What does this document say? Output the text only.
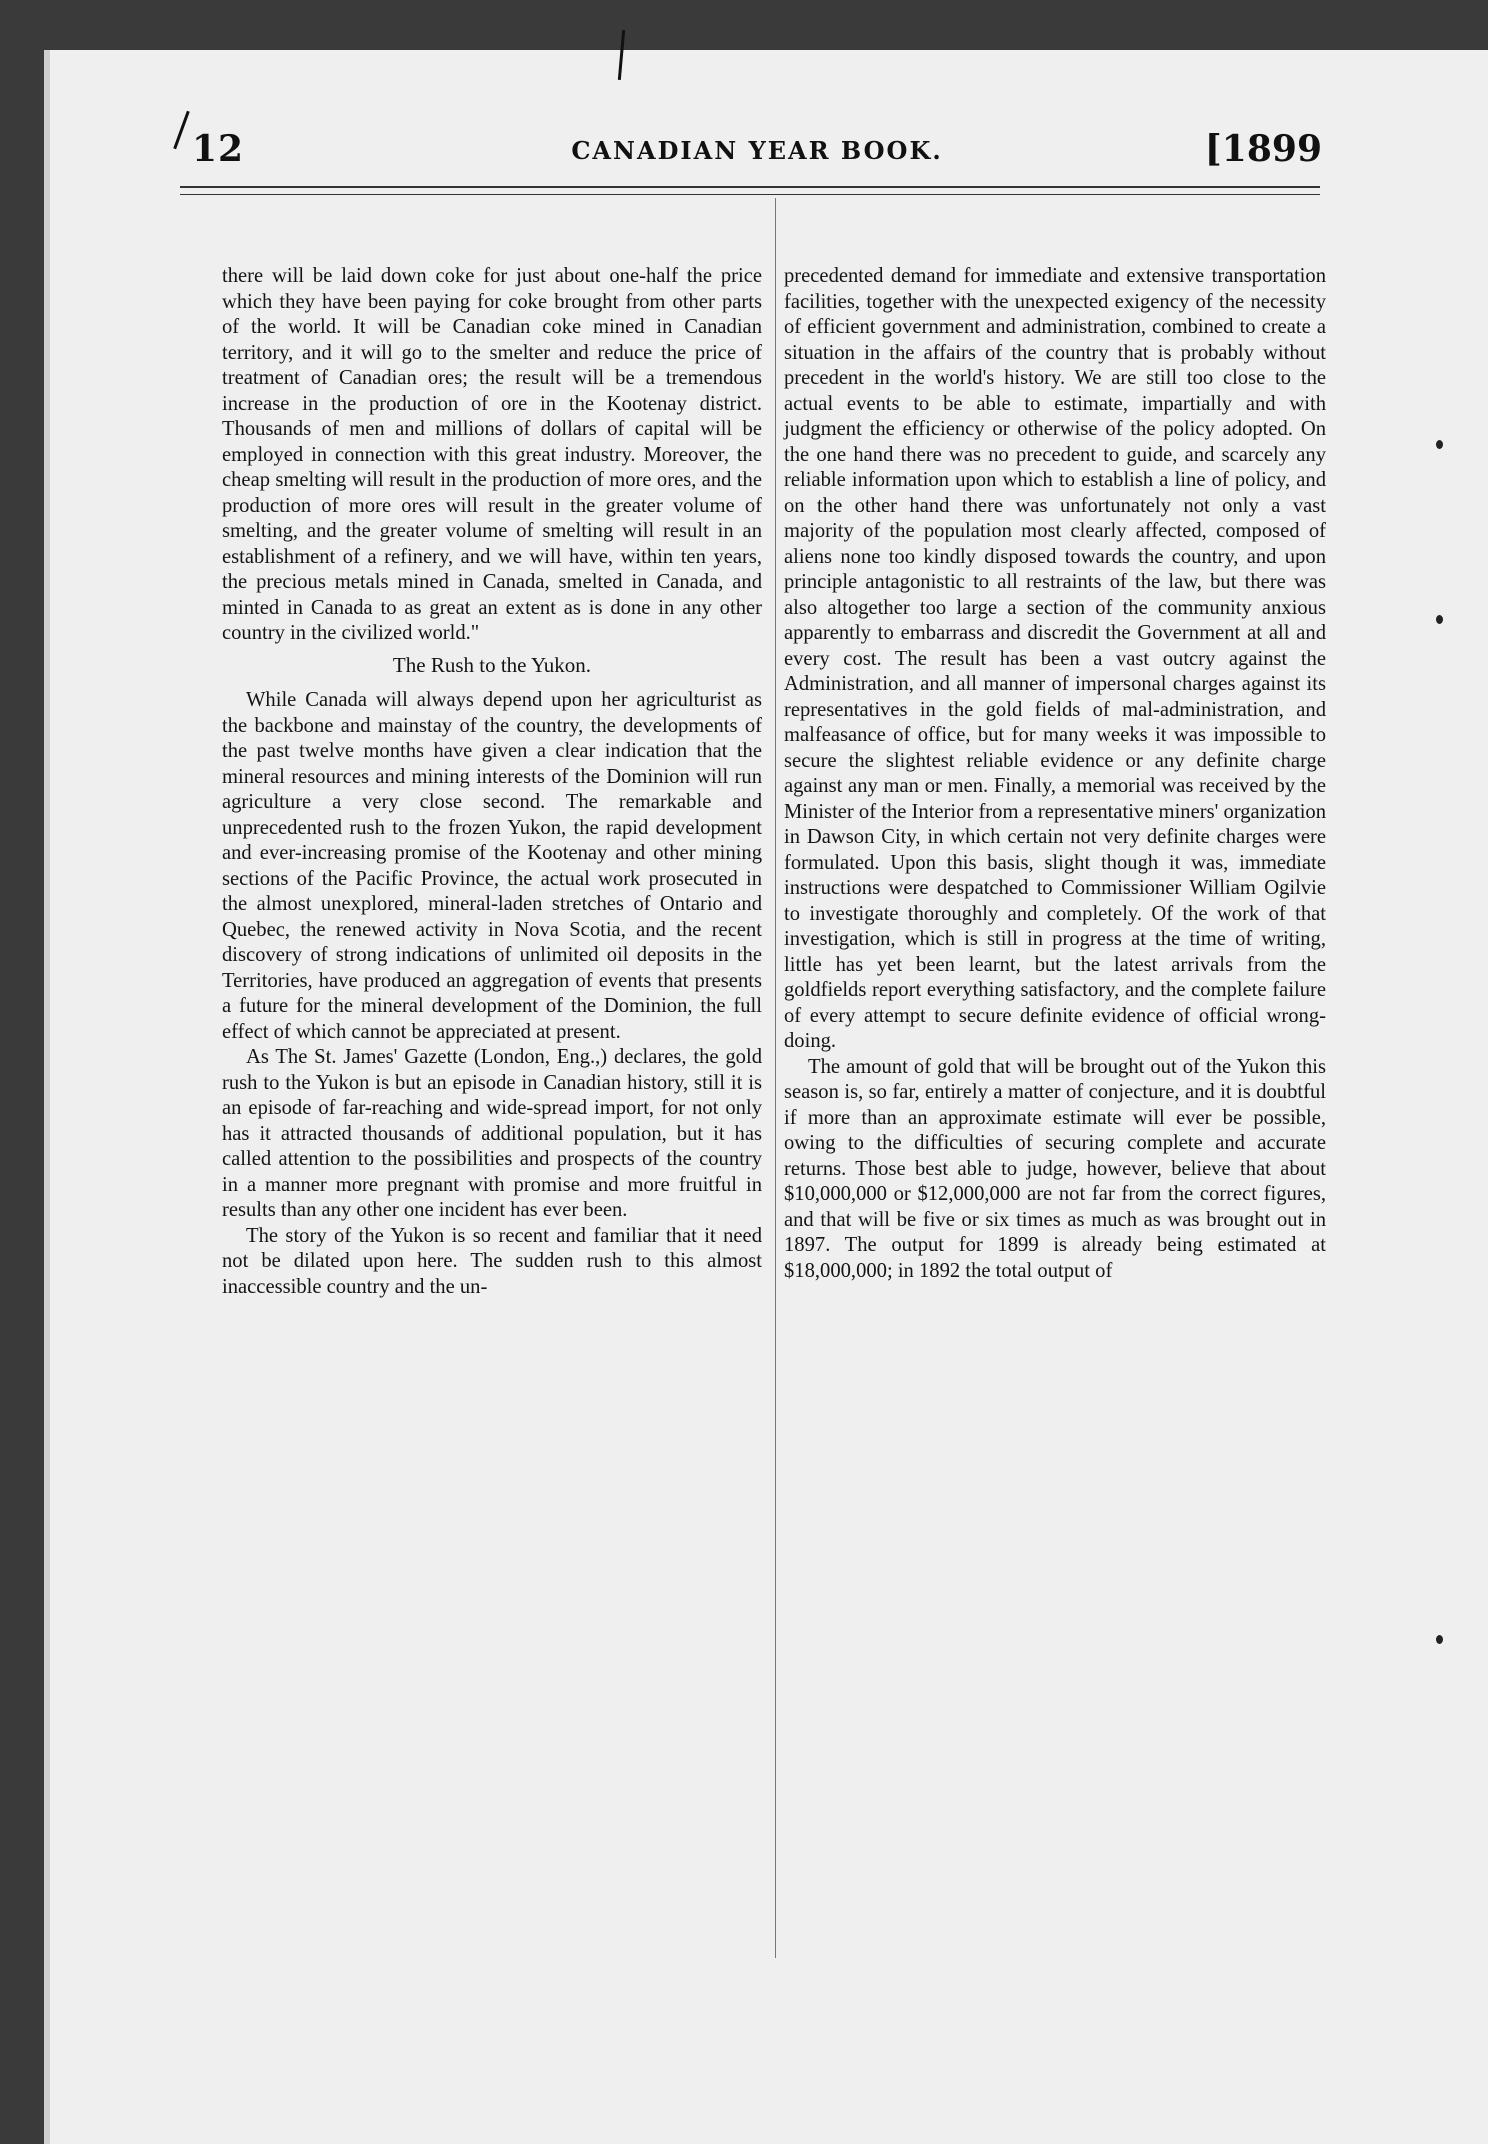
12	CANADIAN YEAR BOOK.	[1899

there will be laid down coke for just about one-half the price which they have been paying for coke brought from other parts of the world. It will be Canadian coke mined in Canadian territory, and it will go to the smelter and reduce the price of treatment of Canadian ores; the result will be a tremendous increase in the production of ore in the Kootenay district. Thousands of men and millions of dollars of capital will be employed in connection with this great industry. Moreover, the cheap smelting will result in the production of more ores, and the production of more ores will result in the greater volume of smelting, and the greater volume of smelting will result in an establishment of a refinery, and we will have, within ten years, the precious metals mined in Canada, smelted in Canada, and minted in Canada to as great an extent as is done in any other country in the civilized world."

The Rush to the Yukon.

While Canada will always depend upon her agriculturist as the backbone and mainstay of the country, the developments of the past twelve months have given a clear indication that the mineral resources and mining interests of the Dominion will run agriculture a very close second. The remarkable and unprecedented rush to the frozen Yukon, the rapid development and ever-increasing promise of the Kootenay and other mining sections of the Pacific Province, the actual work prosecuted in the almost unexplored, mineral-laden stretches of Ontario and Quebec, the renewed activity in Nova Scotia, and the recent discovery of strong indications of unlimited oil deposits in the Territories, have produced an aggregation of events that presents a future for the mineral development of the Dominion, the full effect of which cannot be appreciated at present.

As The St. James' Gazette (London, Eng.,) declares, the gold rush to the Yukon is but an episode in Canadian history, still it is an episode of far-reaching and wide-spread import, for not only has it attracted thousands of additional population, but it has called attention to the possibilities and prospects of the country in a manner more pregnant with promise and more fruitful in results than any other one incident has ever been.

The story of the Yukon is so recent and familiar that it need not be dilated upon here. The sudden rush to this almost inaccessible country and the un-

precedented demand for immediate and extensive transportation facilities, together with the unexpected exigency of the necessity of efficient government and administration, combined to create a situation in the affairs of the country that is probably without precedent in the world's history. We are still too close to the actual events to be able to estimate, impartially and with judgment the efficiency or otherwise of the policy adopted. On the one hand there was no precedent to guide, and scarcely any reliable information upon which to establish a line of policy, and on the other hand there was unfortunately not only a vast majority of the population most clearly affected, composed of aliens none too kindly disposed towards the country, and upon principle antagonistic to all restraints of the law, but there was also altogether too large a section of the community anxious apparently to embarrass and discredit the Government at all and every cost. The result has been a vast outcry against the Administration, and all manner of impersonal charges against its representatives in the gold fields of mal-administration, and malfeasance of office, but for many weeks it was impossible to secure the slightest reliable evidence or any definite charge against any man or men. Finally, a memorial was received by the Minister of the Interior from a representative miners' organization in Dawson City, in which certain not very definite charges were formulated. Upon this basis, slight though it was, immediate instructions were despatched to Commissioner William Ogilvie to investigate thoroughly and completely. Of the work of that investigation, which is still in progress at the time of writing, little has yet been learnt, but the latest arrivals from the goldfields report everything satisfactory, and the complete failure of every attempt to secure definite evidence of official wrong-doing.

The amount of gold that will be brought out of the Yukon this season is, so far, entirely a matter of conjecture, and it is doubtful if more than an approximate estimate will ever be possible, owing to the difficulties of securing complete and accurate returns. Those best able to judge, however, believe that about $10,000,000 or $12,000,000 are not far from the correct figures, and that will be five or six times as much as was brought out in 1897. The output for 1899 is already being estimated at $18,000,000; in 1892 the total output of
